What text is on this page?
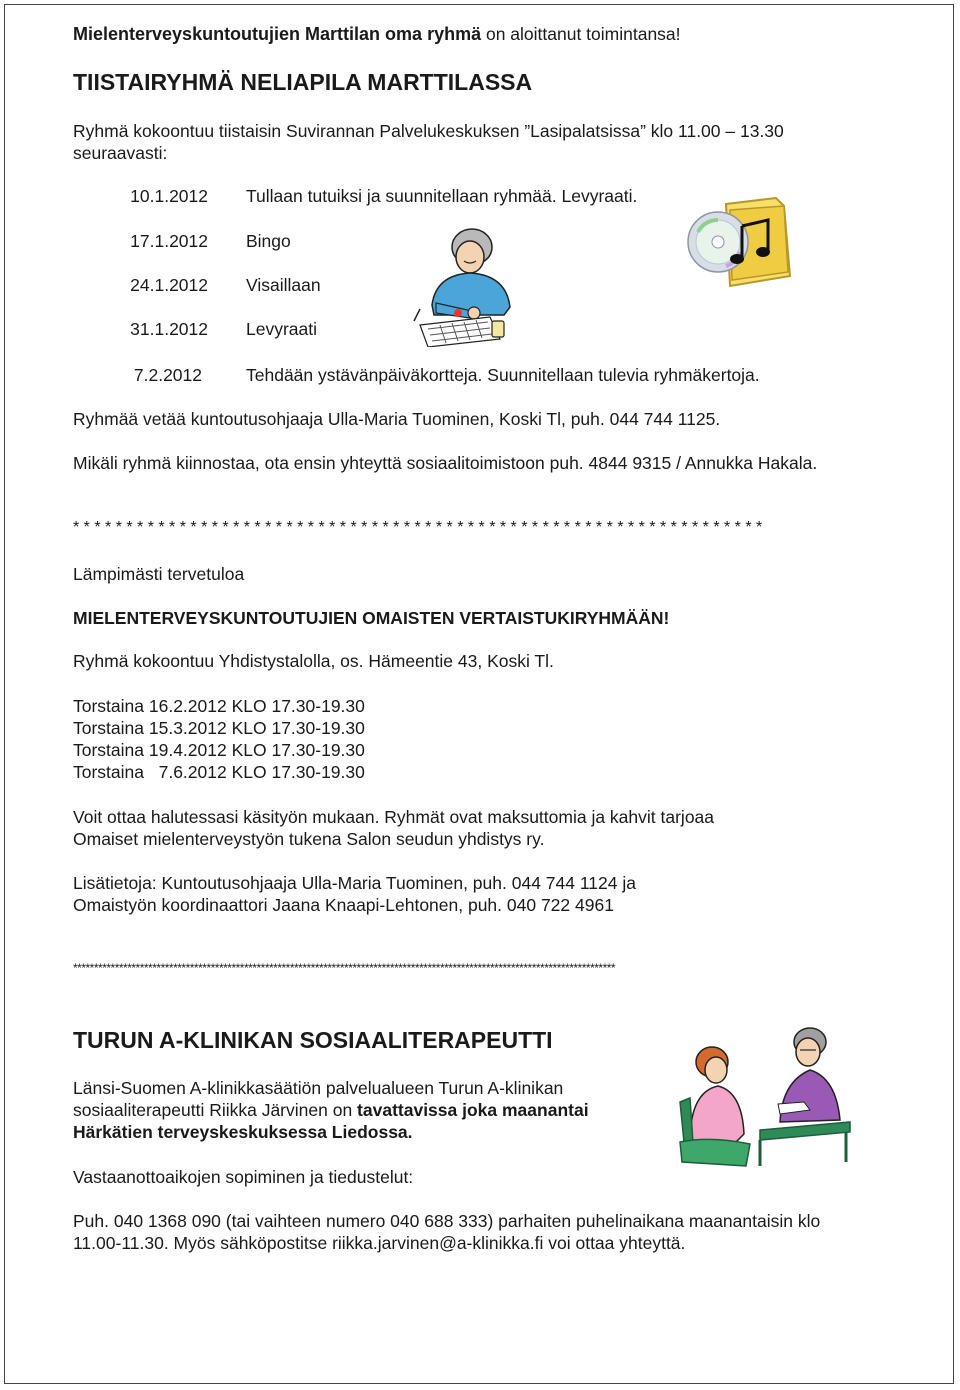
Mielenterveyskuntoutujien Marttilan oma ryhmä on aloittanut toimintansa!
TIISTAIRYHMÄ NELIAPILA MARTTILASSA
Ryhmä kokoontuu tiistaisin Suvirannan Palvelukeskuksen ”Lasipalatsissa” klo 11.00 – 13.30
seuraavasti:
10.1.2012 Tullaan tutuiksi ja suunnitellaan ryhmää. Levyraati.
17.1.2012 Bingo
24.1.2012 Visaillaan
31.1.2012 Levyraati
7.2.2012	Tehdään ystävänpäiväkortteja. Suunnitellaan tulevia ryhmäkertoja.
Ryhmää vetää kuntoutusohjaaja Ulla-Maria Tuominen, Koski Tl, puh. 044 744 1125.
Mikäli ryhmä kiinnostaa, ota ensin yhteyttä sosiaalitoimistoon puh. 4844 9315 / Annukka Hakala.
* * * * * * * * * * * * * * * * * * * * * * * * * * * * * * * * * * * * * * * * * * * * * * * * * * * * * * * * * * * * * * * * *
Lämpimästi tervetuloa
MIELENTERVEYSKUNTOUTUJIEN OMAISTEN VERTAISTUKIRYHMÄÄN!
Ryhmä kokoontuu Yhdistystalolla, os. Hämeentie 43, Koski Tl.
Torstaina 16.2.2012 KLO 17.30-19.30
Torstaina 15.3.2012 KLO 17.30-19.30
Torstaina 19.4.2012 KLO 17.30-19.30
Torstaina   7.6.2012 KLO 17.30-19.30
Voit ottaa halutessasi käsityön mukaan. Ryhmät ovat maksuttomia ja kahvit tarjoaa
Omaiset mielenterveystyön tukena Salon seudun yhdistys ry.
Lisätietoja: Kuntoutusohjaaja Ulla-Maria Tuominen, puh. 044 744 1124 ja
Omaistyön koordinaattori Jaana Knaapi-Lehtonen, puh. 040 722 4961
**********************************************************************************************************************************
TURUN A-KLINIKAN SOSIAALITERAPEUTTI
Länsi-Suomen A-klinikkasäätiön palvelualueen Turun A-klinikan
sosiaaliterapeutti Riikka Järvinen on tavattavissa joka maanantai
Härkätien terveyskeskuksessa Liedossa.
Vastaanottoaikojen sopiminen ja tiedustelut:
Puh. 040 1368 090 (tai vaihteen numero 040 688 333) parhaiten puhelinaikana maanantaisin klo
11.00-11.30. Myös sähköpostitse riikka.jarvinen@a-klinikka.fi voi ottaa yhteyttä.
